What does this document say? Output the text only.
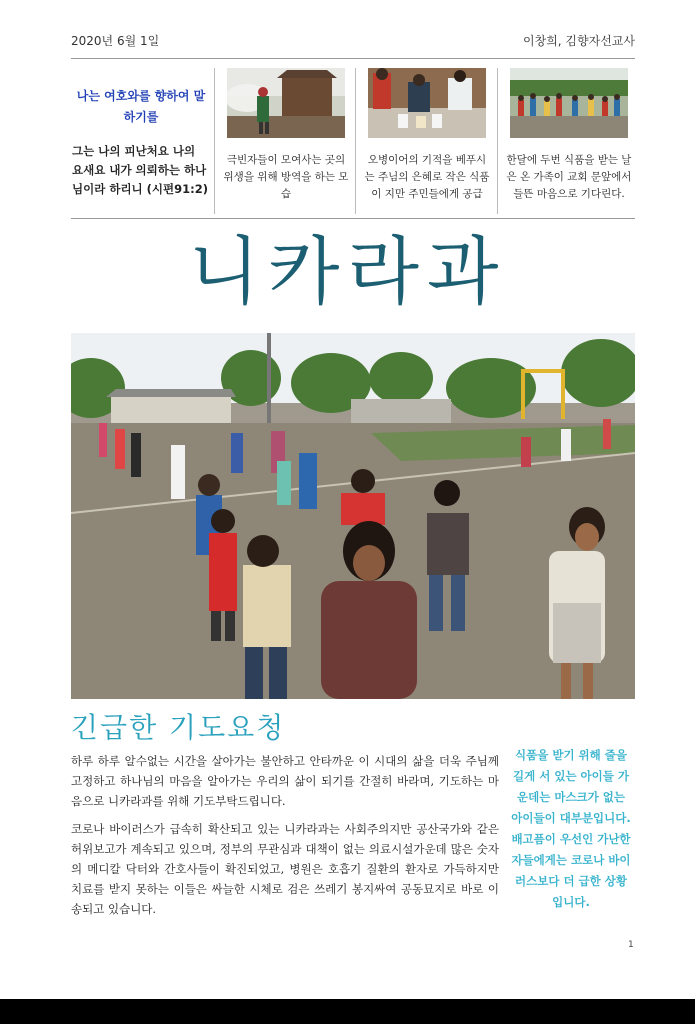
2020년 6월 1일	이창희, 김향자선교사
나는 여호와를 향하여 말하기를
그는 나의 피난처요 나의 요새요 내가 의뢰하는 하나님이라 하리니 (시편91:2)
극빈자들이 모여사는 곳의 위생을 위해 방역을 하는 모습
오병이어의 기적을 베푸시는 주님의 은혜로 작은 식품이 지만 주민들에게 공급
한달에 두번 식품을 받는 날은 온 가족이 교회 문앞에서 들뜬 마음으로 기다린다.
니카라과
긴급한 기도요청
하루 하루 알수없는 시간을 살아가는 불안하고 안타까운 이 시대의 삶을 더욱 주님께 고정하고 하나님의 마음을 알아가는 우리의 삶이 되기를 간절히 바라며, 기도하는 마음으로 니카라과를 위해 기도부탁드립니다.
코로나 바이러스가 급속히 확산되고 있는 니카라과는 사회주의지만 공산국가와 같은 허위보고가 계속되고 있으며, 정부의 무관심과 대책이 없는 의료시설가운데 많은 숫자의 메디칼 닥터와 간호사들이 확진되었고, 병원은 호흡기 질환의 환자로 가득하지만 치료를 받지 못하는 이들은 싸늘한 시체로 검은 쓰레기 봉지싸여 공동묘지로 바로 이송되고 있습니다.
식품을 받기 위해 줄을 길게 서 있는 아이들 가운데는 마스크가 없는 아이들이 대부분입니다. 배고픔이 우선인 가난한 자들에게는 코로나 바이러스보다 더 급한 상황입니다.
1
